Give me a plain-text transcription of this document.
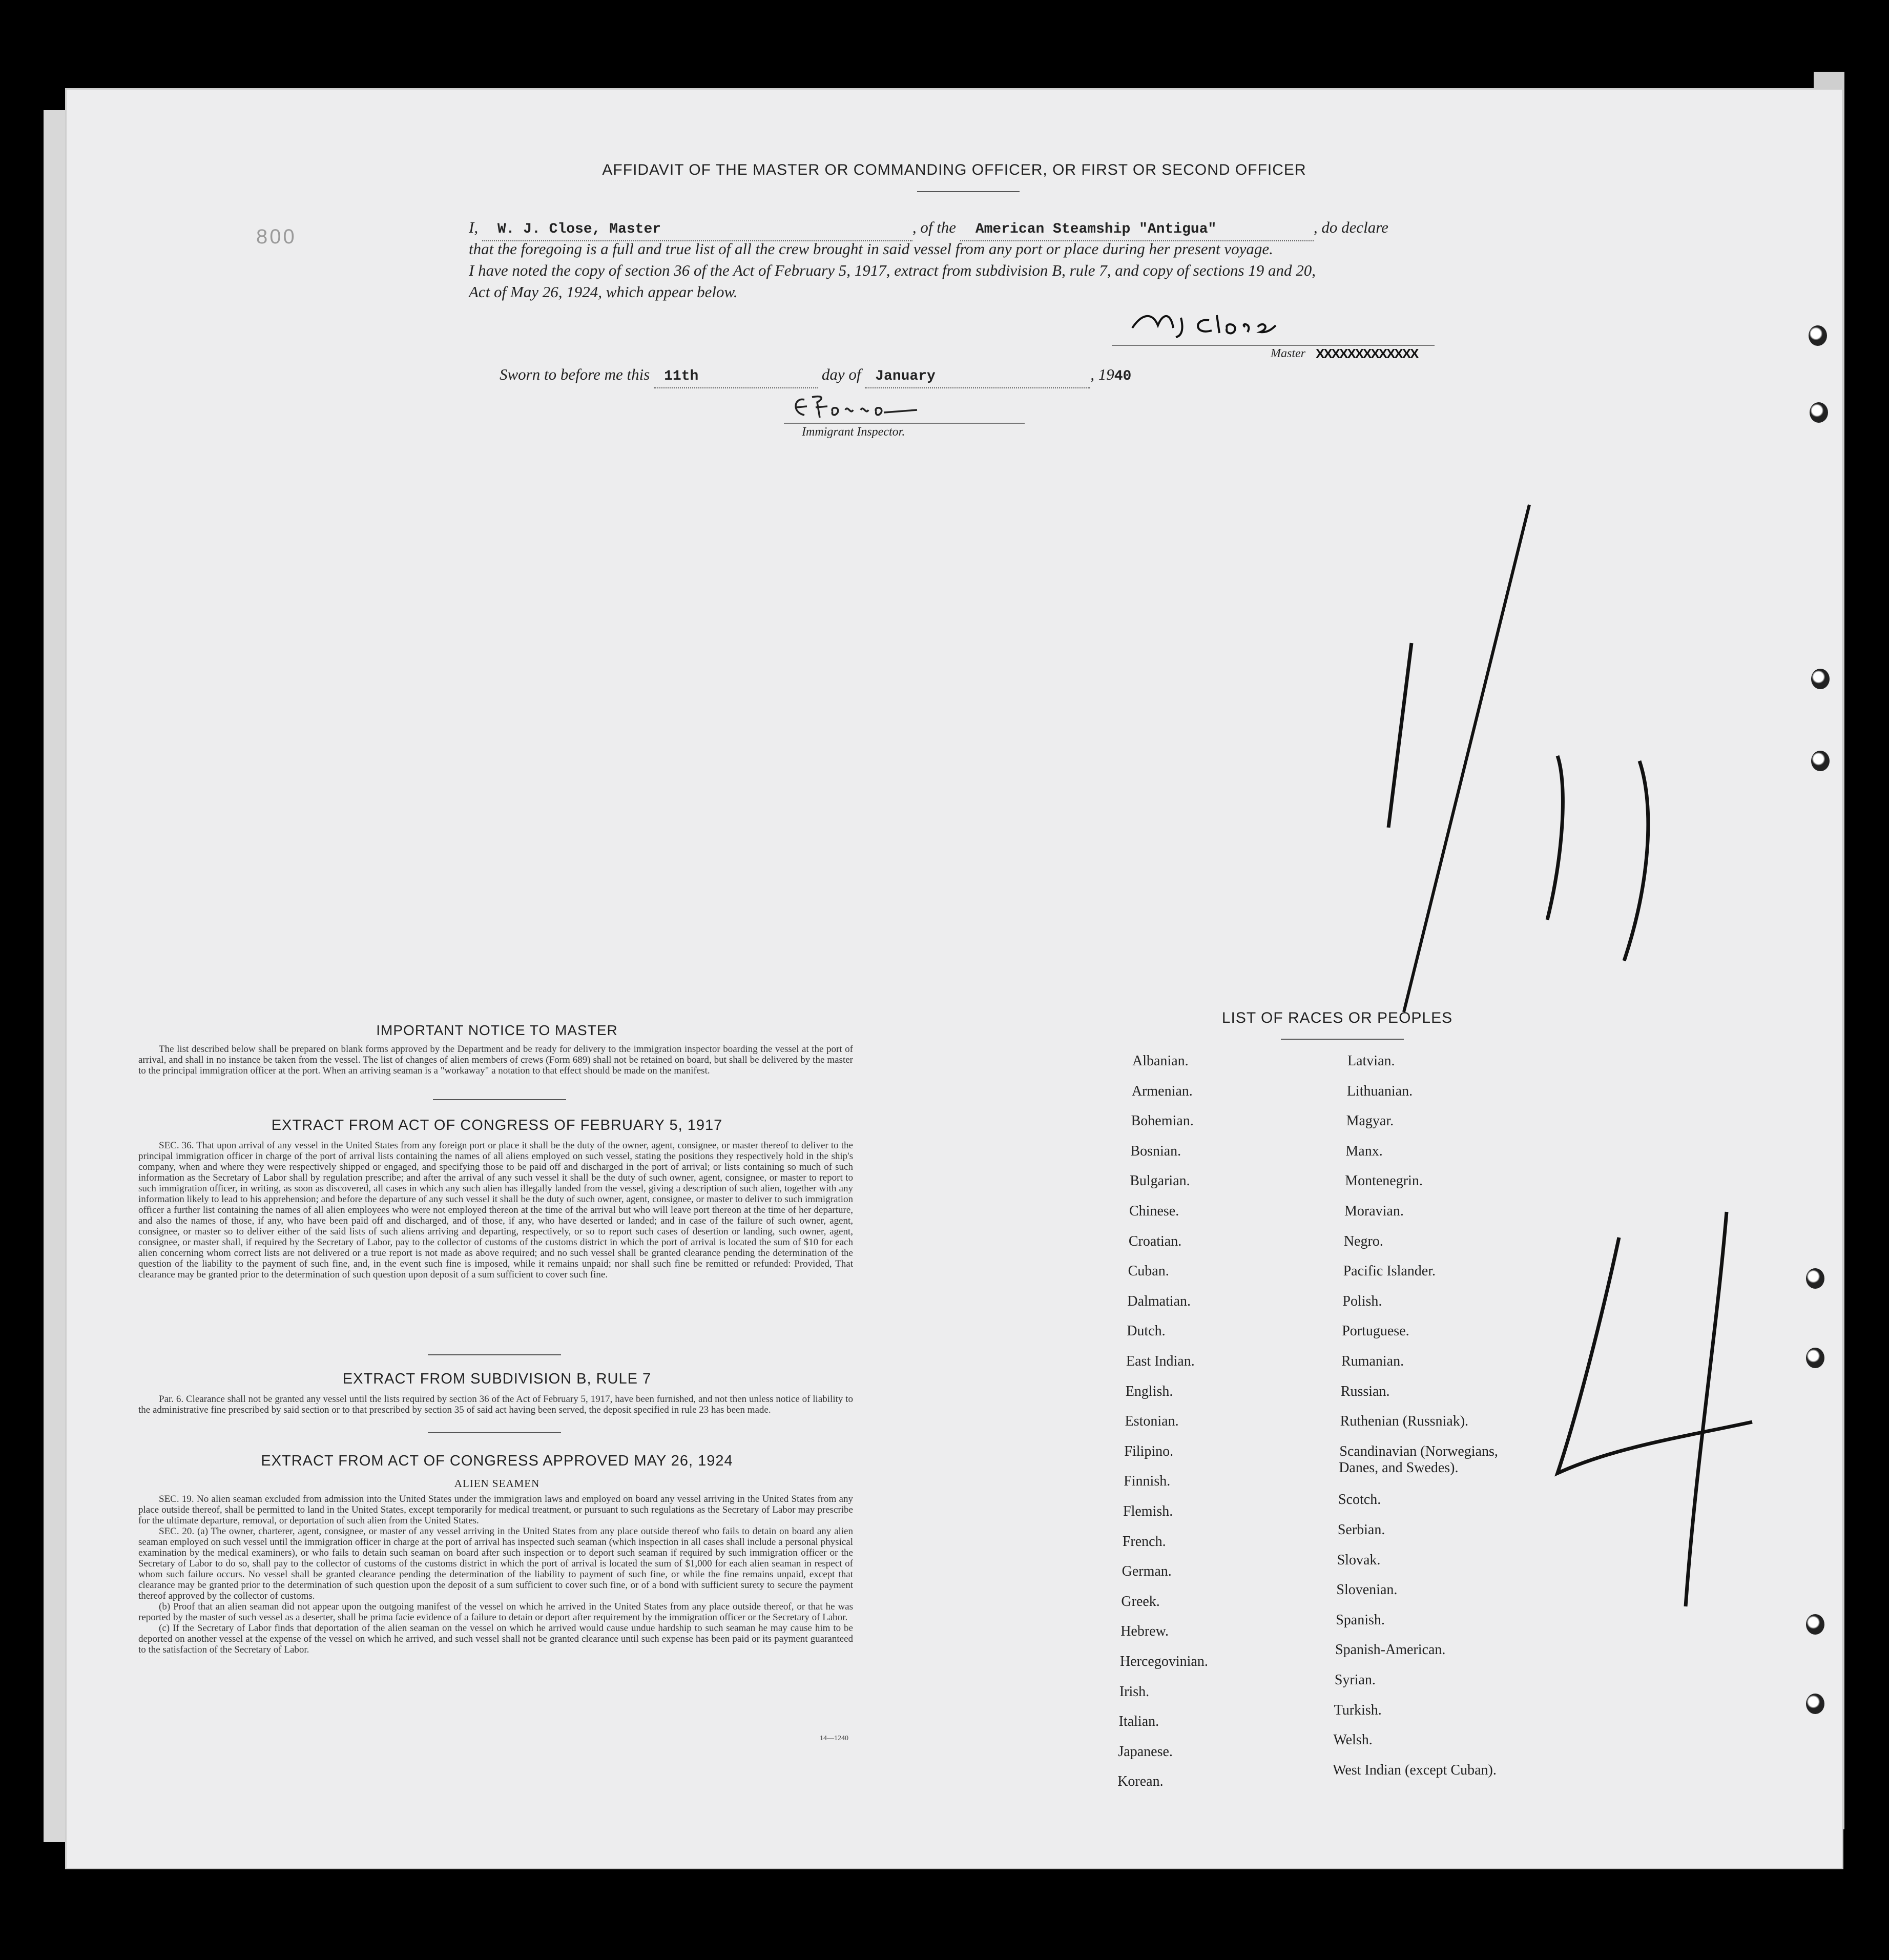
AFFIDAVIT OF THE MASTER OR COMMANDING OFFICER, OR FIRST OR SECOND OFFICER
800	I, W. J. Close, Master	, of the American Steamship "Antigua"	, do declare
that the foregoing is a full and true list of all the crew brought in said vessel from any port or place during her present voyage.
I have noted the copy of section 36 of the Act of February 5, 1917, extract from subdivision B, rule 7, and copy of sections 19 and 20,
Act of May 26, 1924, which appear below.
Master XXXXXXXXXXXXX
Sworn to before me this 11th	day of January	, 1940
Immigrant Inspector.
IMPORTANT NOTICE TO MASTER
The list described below shall be prepared on blank forms approved by the Department and be ready for delivery to the immigration inspector boarding the vessel at the port of arrival, and shall in no instance be taken from the vessel. The list of changes of alien members of crews (Form 689) shall not be retained on board, but shall be delivered by the master to the principal immigration officer at the port. When an arriving seaman is a "workaway" a notation to that effect should be made on the manifest.
EXTRACT FROM ACT OF CONGRESS OF FEBRUARY 5, 1917
SEC. 36. That upon arrival of any vessel in the United States from any foreign port or place it shall be the duty of the owner, agent, consignee, or master thereof to deliver to the principal immigration officer in charge of the port of arrival lists containing the names of all aliens employed on such vessel, stating the positions they respectively hold in the ship's company, when and where they were respectively shipped or engaged, and specifying those to be paid off and discharged in the port of arrival; or lists containing so much of such information as the Secretary of Labor shall by regulation prescribe; and after the arrival of any such vessel it shall be the duty of such owner, agent, consignee, or master to report to such immigration officer, in writing, as soon as discovered, all cases in which any such alien has illegally landed from the vessel, giving a description of such alien, together with any information likely to lead to his apprehension; and before the departure of any such vessel it shall be the duty of such owner, agent, consignee, or master to deliver to such immigration officer a further list containing the names of all alien employees who were not employed thereon at the time of the arrival but who will leave port thereon at the time of her departure, and also the names of those, if any, who have been paid off and discharged, and of those, if any, who have deserted or landed; and in case of the failure of such owner, agent, consignee, or master so to deliver either of the said lists of such aliens arriving and departing, respectively, or so to report such cases of desertion or landing, such owner, agent, consignee, or master shall, if required by the Secretary of Labor, pay to the collector of customs of the customs district in which the port of arrival is located the sum of $10 for each alien concerning whom correct lists are not delivered or a true report is not made as above required; and no such vessel shall be granted clearance pending the determination of the question of the liability to the payment of such fine, and, in the event such fine is imposed, while it remains unpaid; nor shall such fine be remitted or refunded: Provided, That clearance may be granted prior to the determination of such question upon deposit of a sum sufficient to cover such fine.
EXTRACT FROM SUBDIVISION B, RULE 7
Par. 6. Clearance shall not be granted any vessel until the lists required by section 36 of the Act of February 5, 1917, have been furnished, and not then unless notice of liability to the administrative fine prescribed by said section or to that prescribed by section 35 of said act having been served, the deposit specified in rule 23 has been made.
EXTRACT FROM ACT OF CONGRESS APPROVED MAY 26, 1924
ALIEN SEAMEN
SEC. 19. No alien seaman excluded from admission into the United States under the immigration laws and employed on board any vessel arriving in the United States from any place outside thereof, shall be permitted to land in the United States, except temporarily for medical treatment, or pursuant to such regulations as the Secretary of Labor may prescribe for the ultimate departure, removal, or deportation of such alien from the United States.
SEC. 20. (a) The owner, charterer, agent, consignee, or master of any vessel arriving in the United States from any place outside thereof who fails to detain on board any alien seaman employed on such vessel until the immigration officer in charge at the port of arrival has inspected such seaman (which inspection in all cases shall include a personal physical examination by the medical examiners), or who fails to detain such seaman on board after such inspection or to deport such seaman if required by such immigration officer or the Secretary of Labor to do so, shall pay to the collector of customs of the customs district in which the port of arrival is located the sum of $1,000 for each alien seaman in respect of whom such failure occurs. No vessel shall be granted clearance pending the determination of the liability to payment of such fine, or while the fine remains unpaid, except that clearance may be granted prior to the determination of such question upon the deposit of a sum sufficient to cover such fine, or of a bond with sufficient surety to secure the payment thereof approved by the collector of customs.
(b) Proof that an alien seaman did not appear upon the outgoing manifest of the vessel on which he arrived in the United States from any place outside thereof, or that he was reported by the master of such vessel as a deserter, shall be prima facie evidence of a failure to detain or deport after requirement by the immigration officer or the Secretary of Labor.
(c) If the Secretary of Labor finds that deportation of the alien seaman on the vessel on which he arrived would cause undue hardship to such seaman he may cause him to be deported on another vessel at the expense of the vessel on which he arrived, and such vessel shall not be granted clearance until such expense has been paid or its payment guaranteed to the satisfaction of the Secretary of Labor.
14—1240
LIST OF RACES OR PEOPLES
Albanian.
Armenian.
Bohemian.
Bosnian.
Bulgarian.
Chinese.
Croatian.
Cuban.
Dalmatian.
Dutch.
East Indian.
English.
Estonian.
Filipino.
Finnish.
Flemish.
French.
German.
Greek.
Hebrew.
Hercegovinian.
Irish.
Italian.
Japanese.
Korean.
Latvian.
Lithuanian.
Magyar.
Manx.
Montenegrin.
Moravian.
Negro.
Pacific Islander.
Polish.
Portuguese.
Rumanian.
Russian.
Ruthenian (Russniak).
Scandinavian (Norwegians,
Danes, and Swedes).
Scotch.
Serbian.
Slovak.
Slovenian.
Spanish.
Spanish-American.
Syrian.
Turkish.
Welsh.
West Indian (except Cuban).
